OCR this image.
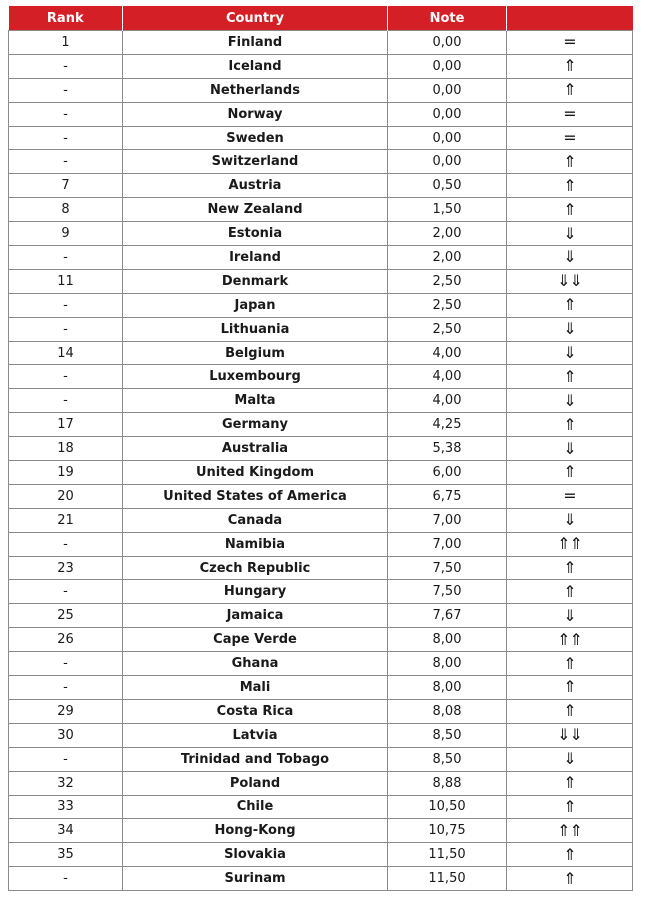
Rank	Country	Note	
1	Finland	0,00	=
-	Iceland	0,00	⇑
-	Netherlands	0,00	⇑
-	Norway	0,00	=
-	Sweden	0,00	=
-	Switzerland	0,00	⇑
7	Austria	0,50	⇑
8	New Zealand	1,50	⇑
9	Estonia	2,00	⇓
-	Ireland	2,00	⇓
11	Denmark	2,50	⇓⇓
-	Japan	2,50	⇑
-	Lithuania	2,50	⇓
14	Belgium	4,00	⇓
-	Luxembourg	4,00	⇑
-	Malta	4,00	⇓
17	Germany	4,25	⇑
18	Australia	5,38	⇓
19	United Kingdom	6,00	⇑
20	United States of America	6,75	=
21	Canada	7,00	⇓
-	Namibia	7,00	⇑⇑
23	Czech Republic	7,50	⇑
-	Hungary	7,50	⇑
25	Jamaica	7,67	⇓
26	Cape Verde	8,00	⇑⇑
-	Ghana	8,00	⇑
-	Mali	8,00	⇑
29	Costa Rica	8,08	⇑
30	Latvia	8,50	⇓⇓
-	Trinidad and Tobago	8,50	⇓
32	Poland	8,88	⇑
33	Chile	10,50	⇑
34	Hong-Kong	10,75	⇑⇑
35	Slovakia	11,50	⇑
-	Surinam	11,50	⇑
